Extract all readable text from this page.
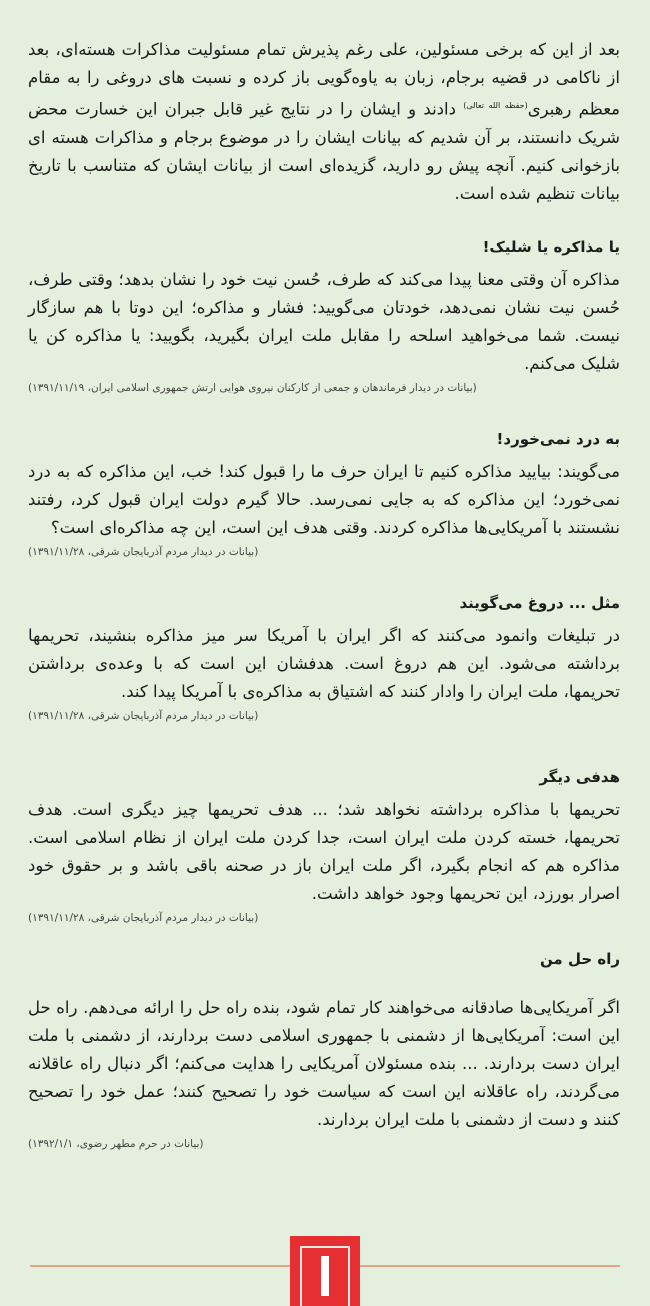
بعد از این که برخی مسئولین، علی رغم پذیرش تمام مسئولیت مذاکرات هسته‌ای، بعد از ناکامی در قضیه برجام، زبان به یاوه‌گویی باز کرده و نسبت های دروغی را به مقام معظم رهبری$^{(حفظه الله تعالی)}$ دادند و ایشان را در نتایج غیر قابل جبران این خسارت محض شریک دانستند، بر آن شدیم که بیانات ایشان را در موضوع برجام و مذاکرات هسته ای بازخوانی کنیم. آنچه پیش رو دارید، گزیده‌ای است از بیانات ایشان که متناسب با تاریخ بیانات تنظیم شده است.

یا مذاکره یا شلیک!

مذاکره آن وقتی معنا پیدا می‌کند که طرف، حُسن نیت خود را نشان بدهد؛ وقتی طرف، حُسن نیت نشان نمی‌دهد، خودتان می‌گویید: فشار و مذاکره؛ این دوتا با هم سازگار نیست. شما می‌خواهید اسلحه را مقابل ملت ایران بگیرید، بگویید: یا مذاکره کن یا شلیک می‌کنم.

(بیانات در دیدار فرماندهان و جمعی از کارکنان نیروی هوایی ارتش جمهوری اسلامی ایران، ۱۳۹۱/۱۱/۱۹)
به درد نمی‌خورد!

می‌گویند: بیایید مذاکره کنیم تا ایران حرف ما را قبول کند! خب، این مذاکره که به درد نمی‌خورد؛ این مذاکره که به جایی نمی‌رسد. حالا گیرم دولت ایران قبول کرد، رفتند نشستند با آمریکایی‌ها مذاکره کردند. وقتی هدف این است، این چه مذاکره‌ای است؟

(بیانات در دیدار مردم آذربایجان شرقی، ۱۳۹۱/۱۱/۲۸)
مثل ... دروغ می‌گویند

در تبلیغات وانمود می‌کنند که اگر ایران با آمریکا سر میز مذاکره بنشیند، تحریمها برداشته می‌شود. این هم دروغ است. هدفشان این است که با وعده‌ی برداشتن تحریمها، ملت ایران را وادار کنند که اشتیاق به مذاکره‌ی با آمریکا پیدا کند.

(بیانات در دیدار مردم آذربایجان شرقی، ۱۳۹۱/۱۱/۲۸)
هدفی دیگر

تحریمها با مذاکره برداشته نخواهد شد؛ ... هدف تحریمها چیز دیگری است. هدف تحریمها، خسته کردن ملت ایران است، جدا کردن ملت ایران از نظام اسلامی است. مذاکره هم که انجام بگیرد، اگر ملت ایران باز در صحنه باقی باشد و بر حقوق خود اصرار بورزد، این تحریمها وجود خواهد داشت.

(بیانات در دیدار مردم آذربایجان شرقی، ۱۳۹۱/۱۱/۲۸)
راه حل من

اگر آمریکایی‌ها صادقانه می‌خواهند کار تمام شود، بنده راه حل را ارائه می‌دهم. راه حل این است: آمریکایی‌ها از دشمنی با جمهوری اسلامی دست بردارند، از دشمنی با ملت ایران دست بردارند. ... بنده مسئولان آمریکایی را هدایت می‌کنم؛ اگر دنبال راه عاقلانه می‌گردند، راه عاقلانه این است که سیاست خود را تصحیح کنند؛ عمل خود را تصحیح کنند و دست از دشمنی با ملت ایران بردارند.

(بیانات در حرم مطهر رضوی، ۱۳۹۲/۱/۱)
